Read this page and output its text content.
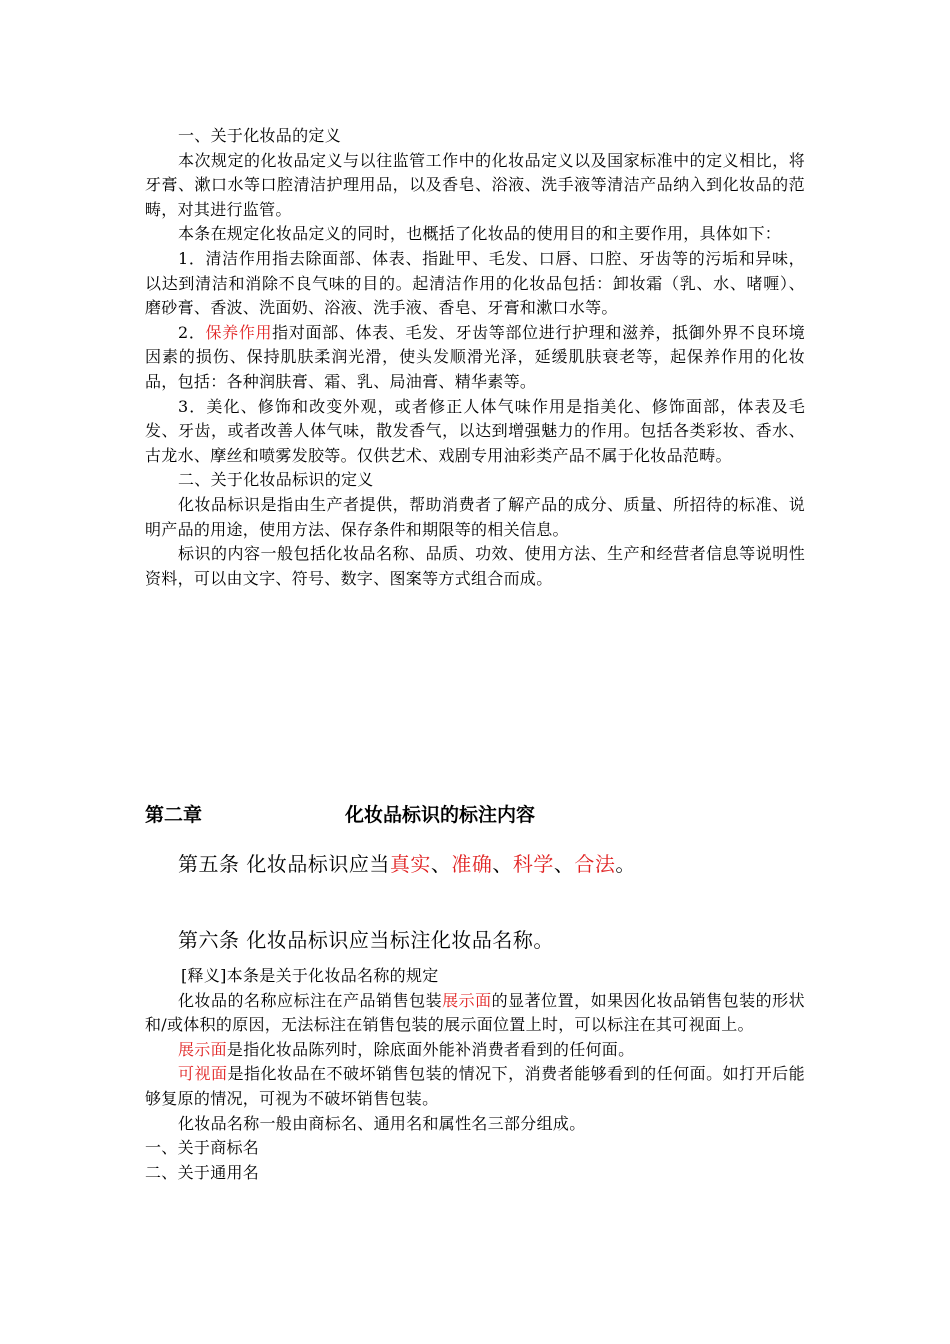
一、关于化妆品的定义

本次规定的化妆品定义与以往监管工作中的化妆品定义以及国家标准中的定义相比，将牙膏、漱口水等口腔清洁护理用品，以及香皂、浴液、洗手液等清洁产品纳入到化妆品的范畴，对其进行监管。

本条在规定化妆品定义的同时，也概括了化妆品的使用目的和主要作用，具体如下：

1．清洁作用指去除面部、体表、指趾甲、毛发、口唇、口腔、牙齿等的污垢和异味，以达到清洁和消除不良气味的目的。起清洁作用的化妆品包括：卸妆霜（乳、水、啫喱）、磨砂膏、香波、洗面奶、浴液、洗手液、香皂、牙膏和漱口水等。

2．保养作用指对面部、体表、毛发、牙齿等部位进行护理和滋养，抵御外界不良环境因素的损伤、保持肌肤柔润光滑，使头发顺滑光泽，延缓肌肤衰老等，起保养作用的化妆品，包括：各种润肤膏、霜、乳、局油膏、精华素等。

3．美化、修饰和改变外观，或者修正人体气味作用是指美化、修饰面部，体表及毛发、牙齿，或者改善人体气味，散发香气，以达到增强魅力的作用。包括各类彩妆、香水、古龙水、摩丝和喷雾发胶等。仅供艺术、戏剧专用油彩类产品不属于化妆品范畴。

二、关于化妆品标识的定义

化妆品标识是指由生产者提供，帮助消费者了解产品的成分、质量、所招待的标准、说明产品的用途，使用方法、保存条件和期限等的相关信息。

标识的内容一般包括化妆品名称、品质、功效、使用方法、生产和经营者信息等说明性资料，可以由文字、符号、数字、图案等方式组合而成。

第二章	化妆品标识的标注内容
第五条 化妆品标识应当真实、准确、科学、合法。
第六条 化妆品标识应当标注化妆品名称。

[释义]本条是关于化妆品名称的规定

化妆品的名称应标注在产品销售包装展示面的显著位置，如果因化妆品销售包装的形状和/或体积的原因，无法标注在销售包装的展示面位置上时，可以标注在其可视面上。

展示面是指化妆品陈列时，除底面外能补消费者看到的任何面。

可视面是指化妆品在不破坏销售包装的情况下，消费者能够看到的任何面。如打开后能够复原的情况，可视为不破坏销售包装。

化妆品名称一般由商标名、通用名和属性名三部分组成。

一、关于商标名

二、关于通用名
